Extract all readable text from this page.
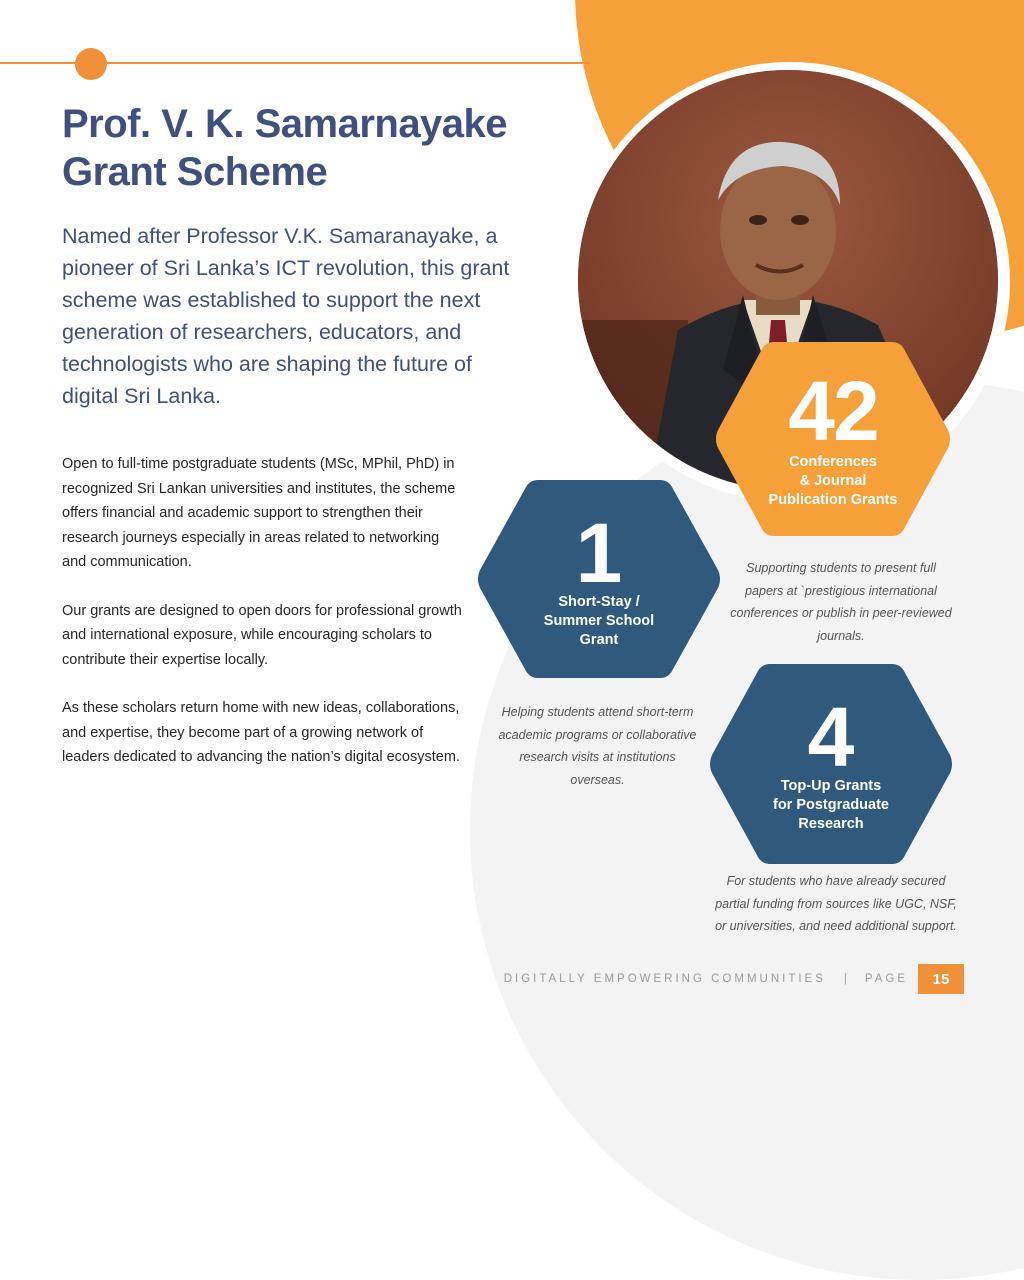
Prof. V. K. Samarnayake
Grant Scheme

Named after Professor V.K. Samaranayake, a pioneer of Sri Lanka’s ICT revolution, this grant scheme was established to support the next generation of researchers, educators, and technologists who are shaping the future of digital Sri Lanka.

Open to full-time postgraduate students (MSc, MPhil, PhD) in recognized Sri Lankan universities and institutes, the scheme offers financial and academic support to strengthen their research journeys especially in areas related to networking and communication.

Our grants are designed to open doors for professional growth and international exposure, while encouraging scholars to contribute their expertise locally.

As these scholars return home with new ideas, collaborations, and expertise, they become part of a growing network of leaders dedicated to advancing the nation’s digital ecosystem.

42
Conferences
& Journal
Publication Grants
1
Short-Stay /
Summer School
Grant
4
Top-Up Grants
for Postgraduate
Research

Supporting students to present full papers at `prestigious international conferences or publish in peer-reviewed journals.

Helping students attend short-term academic programs or collaborative research visits at institutions overseas.

For students who have already secured partial funding from sources like UGC, NSF, or universities, and need additional support.

DIGITALLY EMPOWERING COMMUNITIES | PAGE	15
